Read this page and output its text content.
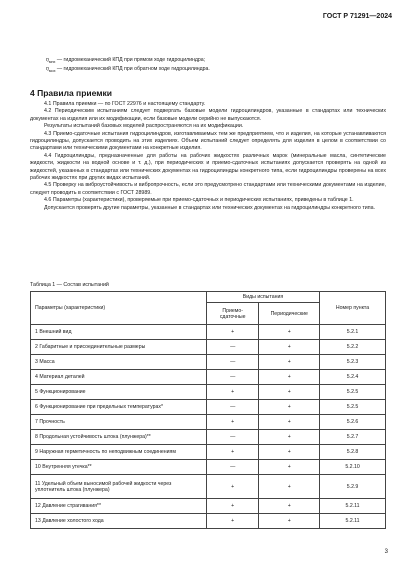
ГОСТ Р 71291—2024
$\eta_{мпх}$ — гидромеханический КПД при прямом ходе гидроцилиндра;
$\eta_{мох}$ — гидромеханический КПД при обратном ходе гидроцилиндра.
4 Правила приемки

4.1 Правила приемки — по ГОСТ 22976 и настоящему стандарту.

4.2 Периодическим испытаниям следует подвергать базовые модели гидроцилиндров, указанные в стандартах или технических документах на изделия или их модификации, если базовые модели серийно не выпускаются.

Результаты испытаний базовых моделей распространяются на их модификации.

4.3 Приемо-сдаточные испытания гидроцилиндров, изготавливаемых тем же предприятием, что и изделия, на которые устанавливаются гидроцилиндры, допускается проводить на этих изделиях. Объем испытаний следует определять для изделия в целом в соответствии со стандартами или техническими документами на конкретные изделия.

4.4 Гидроцилиндры, предназначенные для работы на рабочих жидкостях различных марок (минеральные масла, синтетические жидкости, жидкости на водной основе и т. д.), при периодических и приемо-сдаточных испытаниях допускается проверять на одной из жидкостей, указанных в стандартах или технических документах на гидроцилиндры конкретного типа, если гидроцилиндры проверены на всех рабочих жидкостях при других видах испытаний.

4.5 Проверку на виброустойчивость и вибропрочность, если это предусмотрено стандартами или техническими документами на изделие, следует проводить в соответствии с ГОСТ 28989.

4.6 Параметры (характеристики), проверяемые при приемо-сдаточных и периодических испытаниях, приведены в таблице 1.

Допускается проверять другие параметры, указанные в стандартах или технических документах на гидроцилиндры конкретного типа.

Таблица 1 — Состав испытаний
Параметры (характеристики)	Виды испытания		Номер пункта
	Приемо-сдаточные	Периодические	
1 Внешний вид	+	+	5.2.1
2 Габаритные и присоединительные размеры	—	+	5.2.2
3 Масса	—	+	5.2.3
4 Материал деталей	—	+	5.2.4
5 Функционирование	+	+	5.2.5
6 Функционирование при предельных температурах*	—	+	5.2.5
7 Прочность	+	+	5.2.6
8 Продольная устойчивость штока (плунжера)**	—	+	5.2.7
9 Наружная герметичность по неподвижным соединениям	+	+	5.2.8
10 Внутренняя утечка**	—	+	5.2.10
11 Удельный объем выносимой рабочей жидкости через уплотнитель штока (плунжера)	+	+	5.2.9
12 Давление страгивания**	+	+	5.2.11
13 Давление холостого хода	+	+	5.2.11
3
